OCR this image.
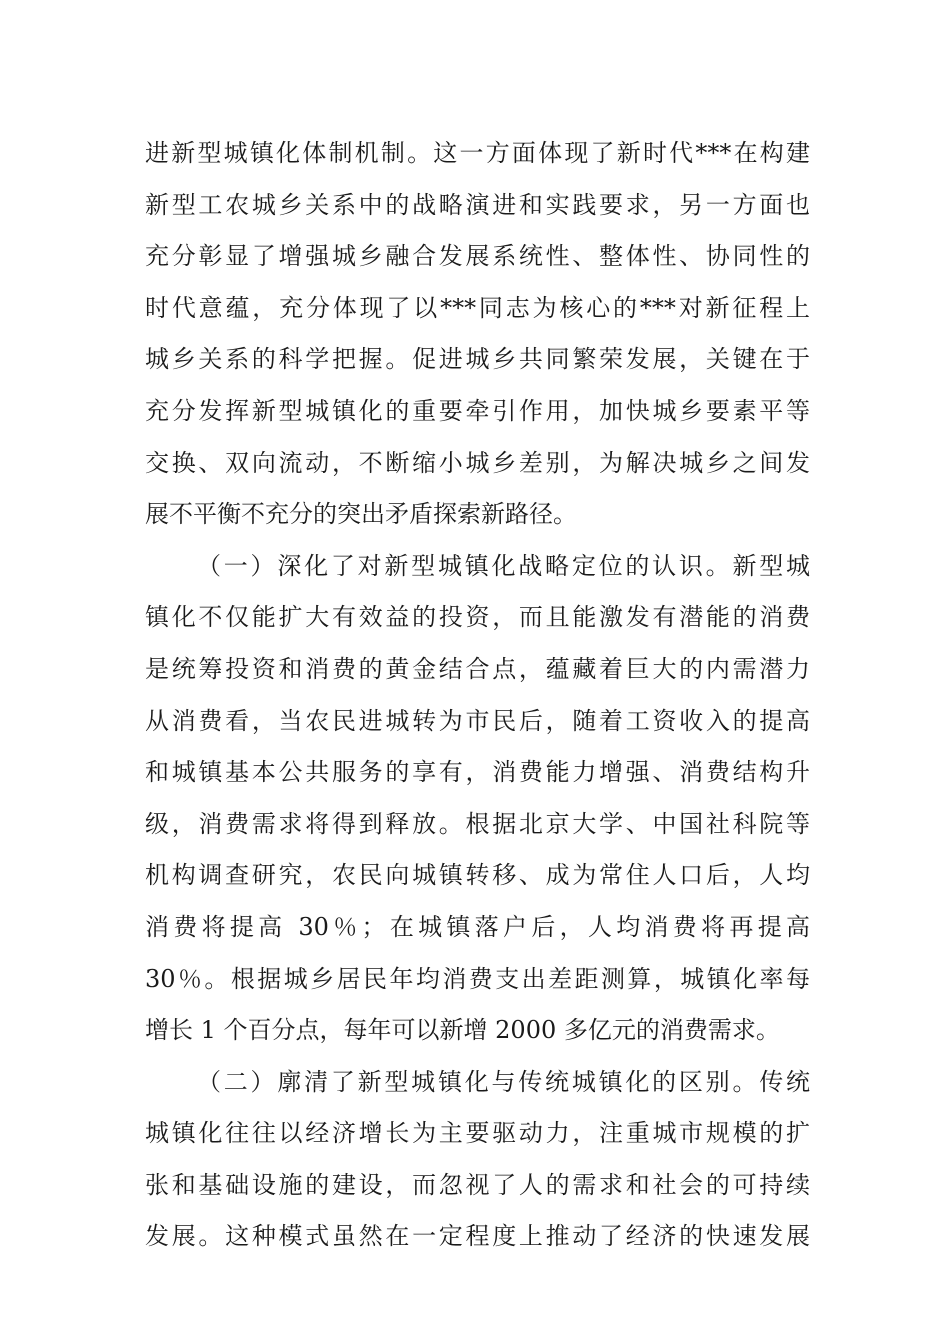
进新型城镇化体制机制。这一方面体现了新时代***在构建
新型工农城乡关系中的战略演进和实践要求，另一方面也
充分彰显了增强城乡融合发展系统性、整体性、协同性的
时代意蕴，充分体现了以***同志为核心的***对新征程上
城乡关系的科学把握。促进城乡共同繁荣发展，关键在于
充分发挥新型城镇化的重要牵引作用，加快城乡要素平等
交换、双向流动，不断缩小城乡差别，为解决城乡之间发
展不平衡不充分的突出矛盾探索新路径。
（一）深化了对新型城镇化战略定位的认识。新型城
镇化不仅能扩大有效益的投资，而且能激发有潜能的消费
是统筹投资和消费的黄金结合点，蕴藏着巨大的内需潜力
从消费看，当农民进城转为市民后，随着工资收入的提高
和城镇基本公共服务的享有，消费能力增强、消费结构升
级，消费需求将得到释放。根据北京大学、中国社科院等
机构调查研究，农民向城镇转移、成为常住人口后，人均
消费将提高 30％；在城镇落户后，人均消费将再提高
30％。根据城乡居民年均消费支出差距测算，城镇化率每
增长 1 个百分点，每年可以新增 2000 多亿元的消费需求。
（二）廓清了新型城镇化与传统城镇化的区别。传统
城镇化往往以经济增长为主要驱动力，注重城市规模的扩
张和基础设施的建设，而忽视了人的需求和社会的可持续
发展。这种模式虽然在一定程度上推动了经济的快速发展
